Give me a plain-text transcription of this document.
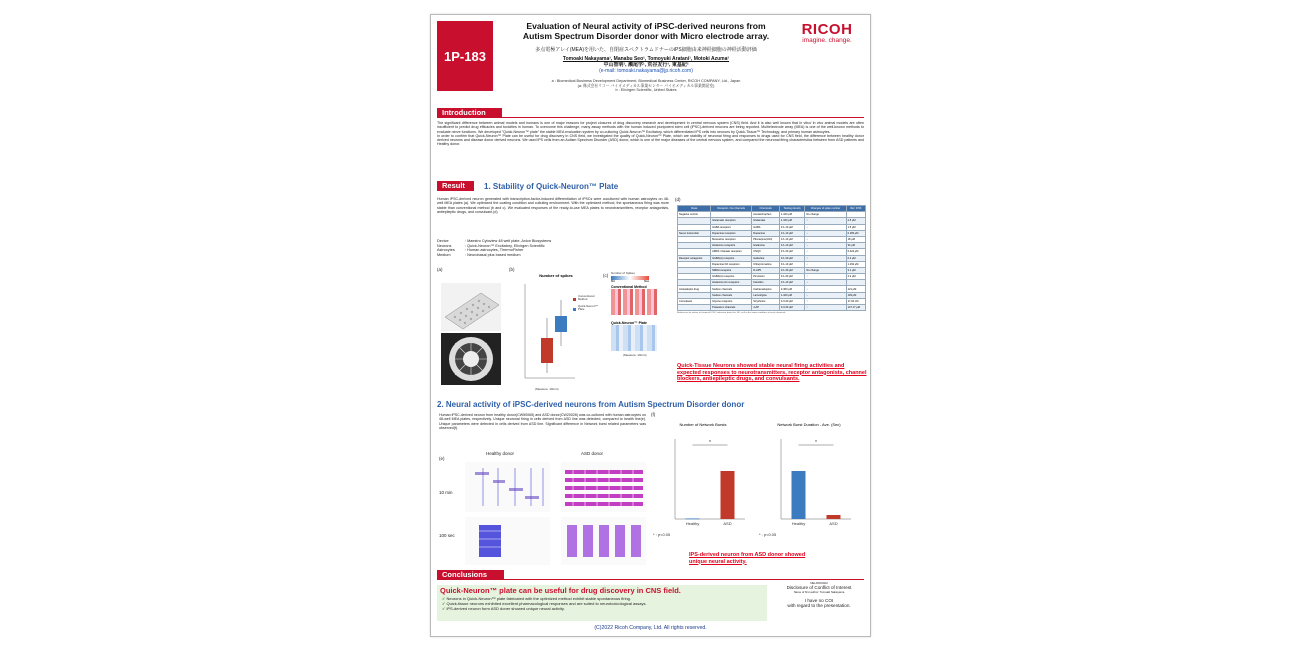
1P-183
Evaluation of Neural activity of iPSC-derived neurons from
Autism Spectrum Disorder donor with Micro electrode array.
多点電極アレイ(MEA)を用いた、自閉症スペクトラムドナーのiPS細胞由来神経細胞の神経活動評価
Tomoaki Nakayama¹, Manabu Seo¹, Tomoyuki Aratani¹, Motoki Azuma²
中山智明¹, 瀬尾学¹, 荒谷友行¹, 東基紀²
(e-mail: tomoaki.nakayama@jp.ricoh.com)
a : Biomedical Business Development Department, Biomedical Business Center, RICOH COMPANY, Ltd., Japan
(a: 株式会社リコー バイオメディカル事業センター バイオメディカル事業開発室)
b : Elixirgen Scientific, United States
RICOH
imagine. change.
Introduction
The significant difference between animal models and humans is one of major reasons for project closures of drug discovery research and development in central nervous system (CNS) field. And it is also well known that in vitro/ in vivo animal models are often insufficient to predict drug efficacies and toxicities in human. To overcome this challenge, many assay methods with the human induced pluripotent stem cell (iPSC)-derived neurons are being reported. Multielectrode array (MEA) is one of the well-known methods to evaluate nerve functions. We developed "Quick-Neuron™ plate" the stable MEA evaluation system by co-culturing Quick-Neuron™ Excitatory, which differentiated iPS cells into neurons by Quick-Tissue™ Technology, and primary human astrocytes.
In order to confirm that Quick-Neuron™ Plate can be useful for drug discovery in CNS field, we investigated the quality of Quick-Neuron™ Plate, which are stability of neuronal firing and responses to drugs used for CNS field, the difference between healthy donor derived neurons and disease donor derived neurons. We used iPS cells from an Autism Spectrum Disorder (ASD) donor, which is one of the major diseases of the central nervous system, and compared the neuronal firing characteristics between from ASD patients and Healthy donor.
Result	1. Stability of Quick-Neuron™ Plate
Human iPSC-derived neuron generated with transcription-factor-induced differentiation of iPSCs were cocultured with human astrocytes on 48-well MEA plates (a). We optimized the coating condition and cultuting environment. With the optimized method, the spontaneous firing was more stable than conventional method (b and c). We evaluated responses of the ready-to-use MEA plates to neurotransmitters, receptor antagonists, antiepileptic drugs, and convulsant.(d)
Device	: Maestro Cytoview 48 well plate, Axion Biosystems
Neurons	: Quick-Neuron™ Excitatory, Elixirgen Scientific
Astrocytes	: Human astrocytes, ThermoFisher
Medium	: Neurobasal plus based medium
(a)	(b)
Number of spikes
Conventional Method
Quick-Neuron™ Plate
(Measure: 10min)
(c) Number of Spikes
Min	Max
Conventional Method
Quick-Neuron™ Plate
(Measure: 10min)
(d)
Class	Receptor / Ion channels	Chemicals	Testing density	Changes of spike number	Ref. IC50
Negative control		Acetaminophen	1-100 μM	No change	
	Glutamate receptors	Glutamate	1-100 μM	↑	2.5 μM
	GABA receptors	GABA	0.1-10 μM	↓	1.5 μM
Neuro transmitter	Dopamine receptors	Dopamine	0.1-10 μM	↓	0.183 μM
	Muscarine receptors	Pilocarpine(HCl)	0.1-10 μM	↓	18 μM
	Histamine receptors	Histamine	0.1-10 μM	↓	34 μM
	AMPA / Kainate receptors	CNQX	0.1-30 μM	↓	0.424 μM
Receptor antagonist	GABA(A) receptors	Gabazine	0.1-30 μM	↑	0.2 μM
	Dopamine D2 receptors	Chlorpromazine	0.1-10 μM	↓	1.162 μM
	NMDA receptors	D-AP5	0.1-30 μM	No change	3.1 μM
	GABA(A) receptors	Picrotoxin	0.1-30 μM	↑	2.2 μM
	Histamine H1 receptors	Ketotifen	0.1-10 μM	↓	
Antiepileptic drug	Sodium channels	Carbamazepine	3-300 μM	↓	121 μM
	Sodium channels	Lamotrigine	1-100 μM	↓	193 μM
Convulsant	Glycine receptors	Strychnine	0.3-30 μM	↑	17.62 nM
	Potassium channels	4-AP	0.3-30 μM	↑	147.17 μM
References for values of chemical IC50 / reference doses for, SD: n=3 at the same conditions of each chemicals
Quick-Tissue Neurons showed stable neural firing activities and expected responses to neurotransmitters, receptor antagonists, channel blockers, antiepileptic drugs, and convulsants.
2. Neural activity of iPSC-derived neurons from Autism Spectrum Disorder donor
Human iPSC-derived neuron from healthy donor(CW50065) and ASD donor(CW20026) was co-cultured with human astrocytes on 48-well MEA plates, respectively. Unique neuronal firing in cells derived from ASD line was detected, compared to health line(e). Unique parameters were detected in cells derived from ASD line. Significant difference in Network burst related parameters was observed(f).
(e)
Healthy donor	ASD donor
10 min
100 sec
(f)
Number of Network Bursts
Healthy	ASD
*
Network Burst Duration - Ave. (Sec)
Healthy	ASD
*
* : p<0.05	* : p<0.05
IPS-derived neuron from ASD donor showed unique neural activity.
Conclusions
Quick-Neuron™ plate can be useful for drug discovery in CNS field.
✓ Neurons in Quick-Neuron™ plate fabricated with the optimized method exhibit stable spontaneous firing.
✓ Quick-tissue neurons exhibited excellent pharmacological responses and are suited to neurotoxicological assays.
✓ iPS-derived neuron form ASD doner showed unique neural activity.
NEURO2022
Disclosure of Conflict of Interest
Name of first author: Tomoaki Nakayama
I have no COI
with regard to the presentation.
(C)2022 Ricoh Company, Ltd. All rights reserved.
